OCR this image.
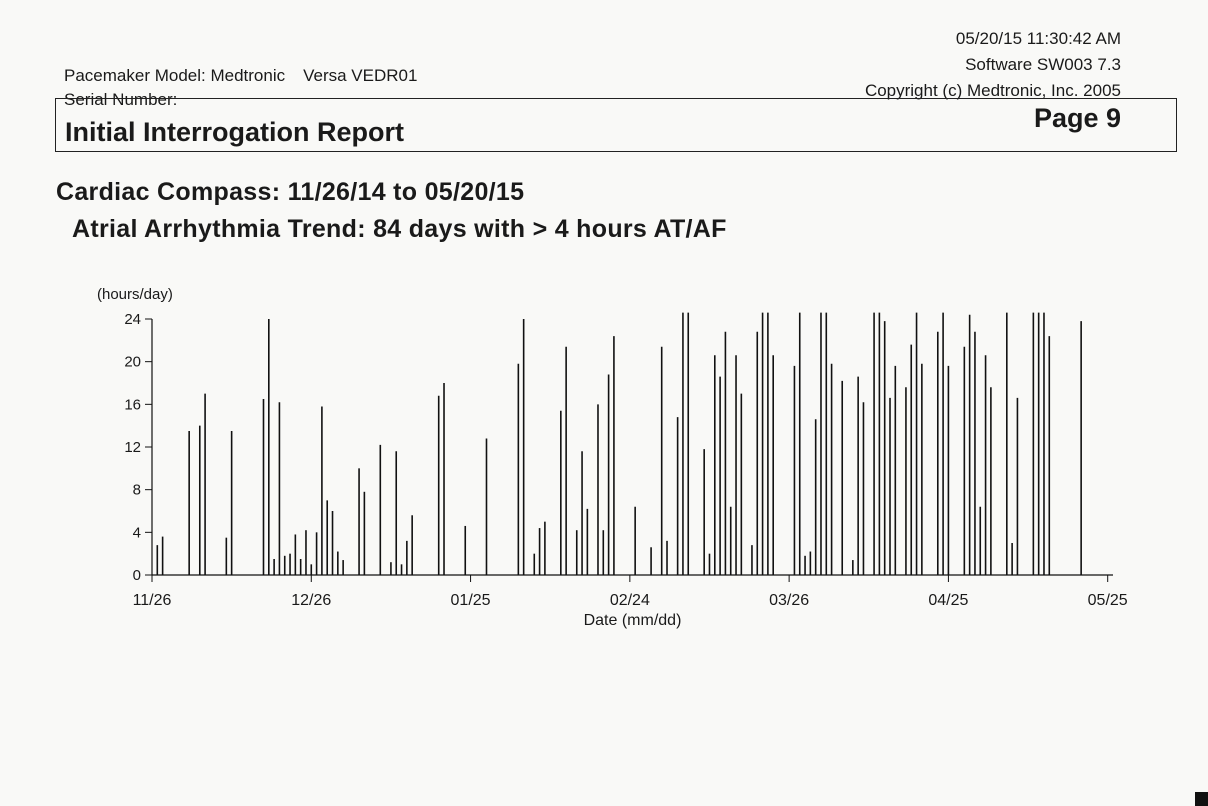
Pacemaker Model: Medtronic Versa VEDR01
Serial Number:
05/20/15 11:30:42 AM
Software SW003 7.3
Copyright (c) Medtronic, Inc. 2005
Initial Interrogation Report	Page 9
Cardiac Compass: 11/26/14 to 05/20/15
Atrial Arrhythmia Trend: 84 days with > 4 hours AT/AF
(hours/day)
0
4
8
12
16
20
24
11/26	12/26	01/25	02/24	03/26	04/25	05/25
Date (mm/dd)
